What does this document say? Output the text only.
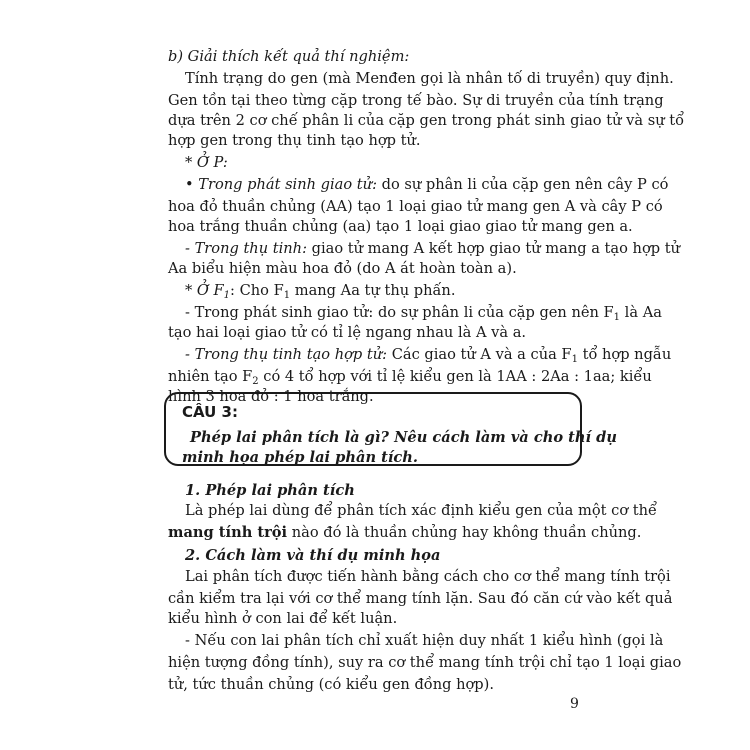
b) Giải thích kết quả thí nghiệm:
Tính trạng do gen (mà Menđen gọi là nhân tố di truyền) quy định.
Gen tồn tại theo từng cặp trong tế bào. Sự di truyền của tính trạng
dựa trên 2 cơ chế phân li của cặp gen trong phát sinh giao tử và sự tổ
hợp gen trong thụ tinh tạo hợp tử.
* Ở P:
• Trong phát sinh giao tử: do sự phân li của cặp gen nên cây P có
hoa đỏ thuần chủng (AA) tạo 1 loại giao tử mang gen A và cây P có
hoa trắng thuần chủng (aa) tạo 1 loại giao giao tử mang gen a.
- Trong thụ tinh: giao tử mang A kết hợp giao tử mang a tạo hợp tử
Aa biểu hiện màu hoa đỏ (do A át hoàn toàn a).
* Ở $F_1$: Cho $F_1$ mang Aa tự thụ phấn.
- Trong phát sinh giao tử: do sự phân li của cặp gen nên $F_1$ là Aa
tạo hai loại giao tử có tỉ lệ ngang nhau là A và a.
- Trong thụ tinh tạo hợp tử: Các giao tử A và a của $F_1$ tổ hợp ngẫu
nhiên tạo $F_2$ có 4 tổ hợp với tỉ lệ kiểu gen là 1AA : 2Aa : 1aa; kiểu
hình 3 hoa đỏ : 1 hoa trắng.
CÂU 3:
Phép lai phân tích là gì? Nêu cách làm và cho thí dụ
minh họa phép lai phân tích.
1. Phép lai phân tích
Là phép lai dùng để phân tích xác định kiểu gen của một cơ thể
mang tính trội nào đó là thuần chủng hay không thuần chủng.
2. Cách làm và thí dụ minh họa
Lai phân tích được tiến hành bằng cách cho cơ thể mang tính trội
cần kiểm tra lại với cơ thể mang tính lặn. Sau đó căn cứ vào kết quả
kiểu hình ở con lai để kết luận.
- Nếu con lai phân tích chỉ xuất hiện duy nhất 1 kiểu hình (gọi là
hiện tượng đồng tính), suy ra cơ thể mang tính trội chỉ tạo 1 loại giao
tử, tức thuần chủng (có kiểu gen đồng hợp).
9
